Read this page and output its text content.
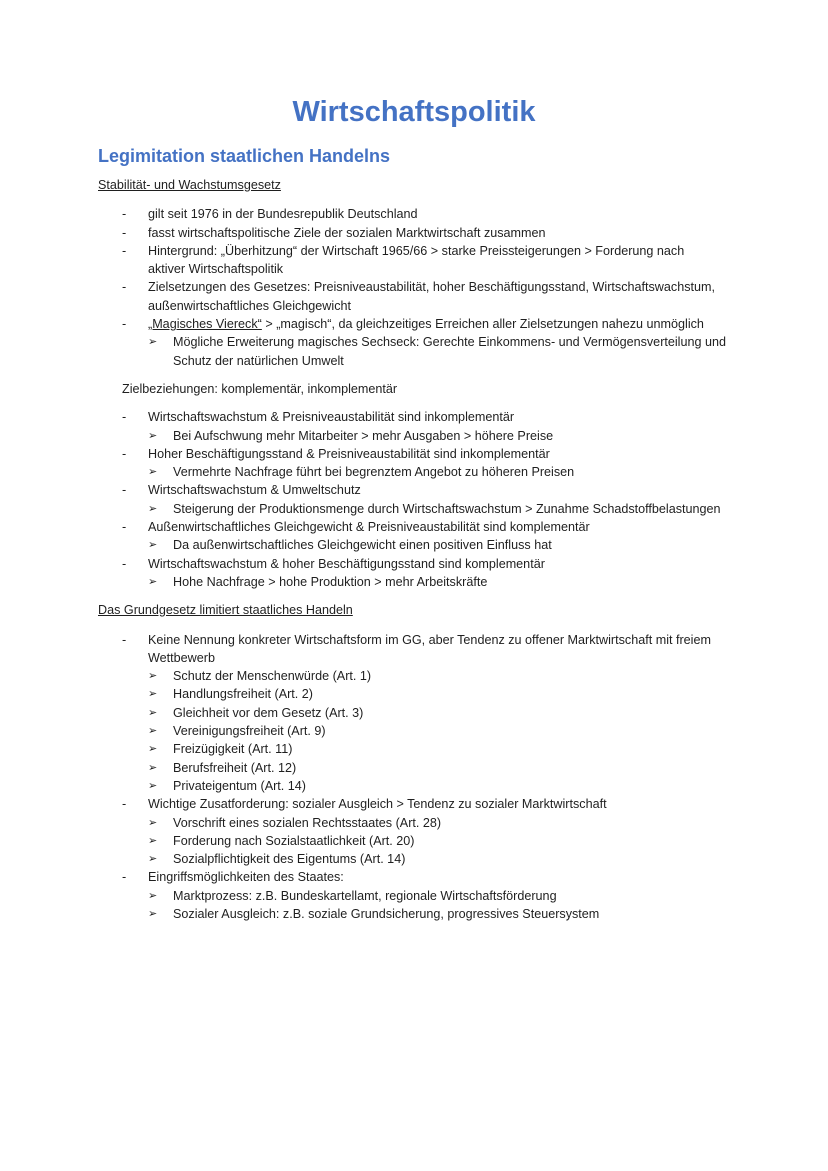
Wirtschaftspolitik
Legimitation staatlichen Handelns
Stabilität- und Wachstumsgesetz
- gilt seit 1976 in der Bundesrepublik Deutschland
- fasst wirtschaftspolitische Ziele der sozialen Marktwirtschaft zusammen
- Hintergrund: „Überhitzung“ der Wirtschaft 1965/66 > starke Preissteigerungen > Forderung nach
aktiver Wirtschaftspolitik
- Zielsetzungen des Gesetzes: Preisniveaustabilität, hoher Beschäftigungsstand, Wirtschaftswachstum,
außenwirtschaftliches Gleichgewicht
- „Magisches Viereck“ > „magisch“, da gleichzeitiges Erreichen aller Zielsetzungen nahezu unmöglich
➢ Mögliche Erweiterung magisches Sechseck: Gerechte Einkommens- und Vermögensverteilung und
Schutz der natürlichen Umwelt
Zielbeziehungen: komplementär, inkomplementär
- Wirtschaftswachstum & Preisniveaustabilität sind inkomplementär
➢ Bei Aufschwung mehr Mitarbeiter > mehr Ausgaben > höhere Preise
- Hoher Beschäftigungsstand & Preisniveaustabilität sind inkomplementär
➢ Vermehrte Nachfrage führt bei begrenztem Angebot zu höheren Preisen
- Wirtschaftswachstum & Umweltschutz
➢ Steigerung der Produktionsmenge durch Wirtschaftswachstum > Zunahme Schadstoffbelastungen
- Außenwirtschaftliches Gleichgewicht & Preisniveaustabilität sind komplementär
➢ Da außenwirtschaftliches Gleichgewicht einen positiven Einfluss hat
- Wirtschaftswachstum & hoher Beschäftigungsstand sind komplementär
➢ Hohe Nachfrage > hohe Produktion > mehr Arbeitskräfte
Das Grundgesetz limitiert staatliches Handeln
- Keine Nennung konkreter Wirtschaftsform im GG, aber Tendenz zu offener Marktwirtschaft mit freiem
Wettbewerb
➢ Schutz der Menschenwürde (Art. 1)
➢ Handlungsfreiheit (Art. 2)
➢ Gleichheit vor dem Gesetz (Art. 3)
➢ Vereinigungsfreiheit (Art. 9)
➢ Freizügigkeit (Art. 11)
➢ Berufsfreiheit (Art. 12)
➢ Privateigentum (Art. 14)
- Wichtige Zusatforderung: sozialer Ausgleich > Tendenz zu sozialer Marktwirtschaft
➢ Vorschrift eines sozialen Rechtsstaates (Art. 28)
➢ Forderung nach Sozialstaatlichkeit (Art. 20)
➢ Sozialpflichtigkeit des Eigentums (Art. 14)
- Eingriffsmöglichkeiten des Staates:
➢ Marktprozess: z.B. Bundeskartellamt, regionale Wirtschaftsförderung
➢ Sozialer Ausgleich: z.B. soziale Grundsicherung, progressives Steuersystem
